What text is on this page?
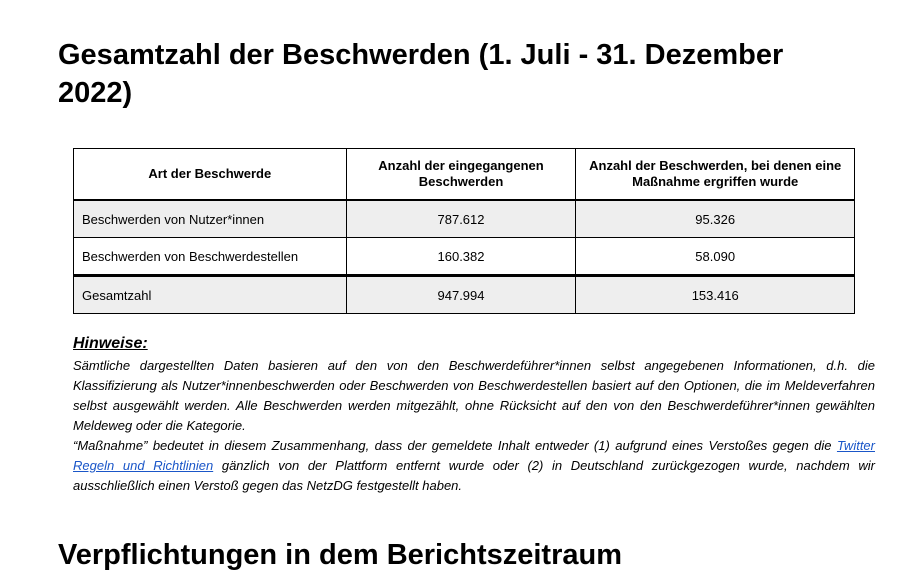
Gesamtzahl der Beschwerden (1. Juli - 31. Dezember 2022)
Art der Beschwerde	Anzahl der eingegangenen Beschwerden	Anzahl der Beschwerden, bei denen eine Maßnahme ergriffen wurde
Beschwerden von Nutzer*innen	787.612	95.326
Beschwerden von Beschwerdestellen	160.382	58.090
Gesamtzahl	947.994	153.416
Hinweise:

Sämtliche dargestellten Daten basieren auf den von den Beschwerdeführer*innen selbst angegebenen Informationen, d.h. die Klassifizierung als Nutzer*innenbeschwerden oder Beschwerden von Beschwerdestellen basiert auf den Optionen, die im Meldeverfahren selbst ausgewählt werden. Alle Beschwerden werden mitgezählt, ohne Rücksicht auf den von den Beschwerdeführer*innen gewählten Meldeweg oder die Kategorie.

“Maßnahme” bedeutet in diesem Zusammenhang, dass der gemeldete Inhalt entweder (1) aufgrund eines Verstoßes gegen die Twitter Regeln und Richtlinien gänzlich von der Plattform entfernt wurde oder (2) in Deutschland zurückgezogen wurde, nachdem wir ausschließlich einen Verstoß gegen das NetzDG festgestellt haben.

Verpflichtungen in dem Berichtszeitraum
